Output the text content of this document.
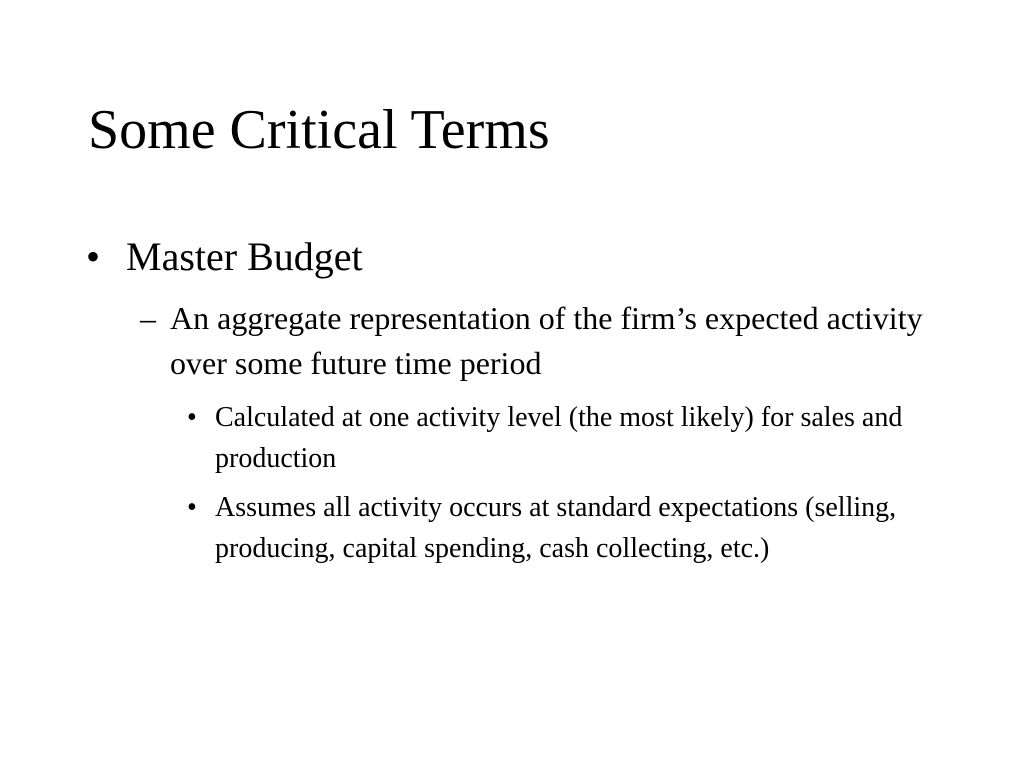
Some Critical Terms
• Master Budget
– An aggregate representation of the firm’s expected activity over some future time period
• Calculated at one activity level (the most likely) for sales and production
• Assumes all activity occurs at standard expectations (selling, producing, capital spending, cash collecting, etc.)
